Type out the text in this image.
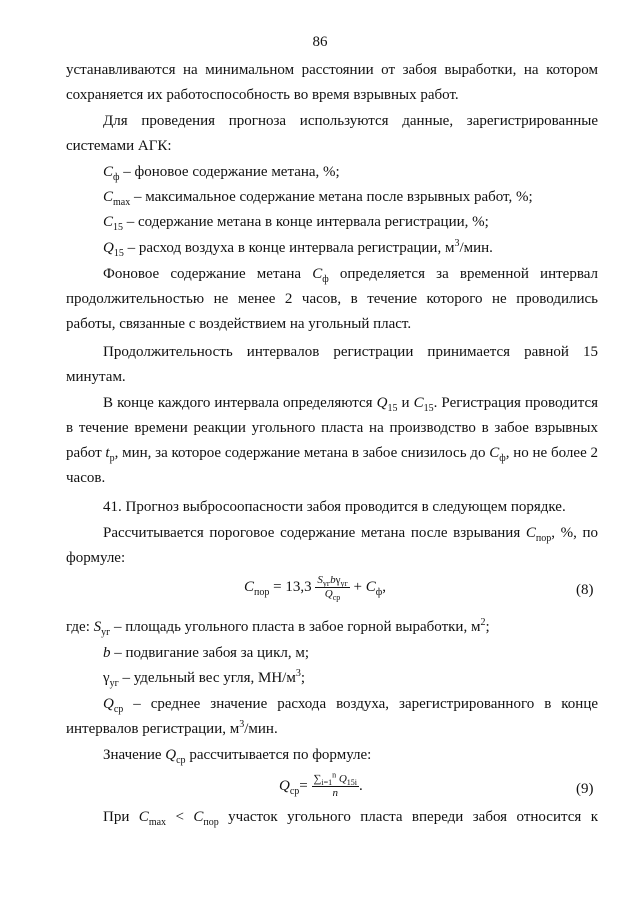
86

устанавливаются на минимальном расстоянии от забоя выработки, на котором сохраняется их работоспособность во время взрывных работ.

Для проведения прогноза используются данные, зарегистрированные системами АГК:

$C_ф$ – фоновое содержание метана, %;
$C_{max}$ – максимальное содержание метана после взрывных работ, %;
$C_{15}$ – содержание метана в конце интервала регистрации, %;
$Q_{15}$ – расход воздуха в конце интервала регистрации, $м^3$/мин.

Фоновое содержание метана $C_ф$ определяется за временной интервал продолжительностью не менее 2 часов, в течение которого не проводились работы, связанные с воздействием на угольный пласт.

Продолжительность интервалов регистрации принимается равной 15 минутам.

В конце каждого интервала определяются $Q_{15}$ и $C_{15}$. Регистрация проводится в течение времени реакции угольного пласта на производство в забое взрывных работ $t_р$, мин, за которое содержание метана в забое снизилось до $C_ф$, но не более 2 часов.

41. Прогноз выбросоопасности забоя проводится в следующем порядке.

Рассчитывается пороговое содержание метана после взрывания $C_{пор}$, %, по формуле:

$C_{пор} = 13,3 \frac{S_{уг}b\gamma_{уг}}{Q_{ср}} + C_ф$,	(8)
где: $S_{уг}$ – площадь угольного пласта в забое горной выработки, $м^2$;
b – подвигание забоя за цикл, м;
$\gamma_{уг}$ – удельный вес угля, $МН/м^3$;

$Q_{ср}$ – среднее значение расхода воздуха, зарегистрированного в конце интервалов регистрации, $м^3$/мин.

Значение $Q_{ср}$ рассчитывается по формуле:

$Q_{ср}= \frac{\sum_{i=1}^n Q_{15i}}{n}$ .	(9)

При $C_{max} < C_{пор}$ участок угольного пласта впереди забоя относится к
